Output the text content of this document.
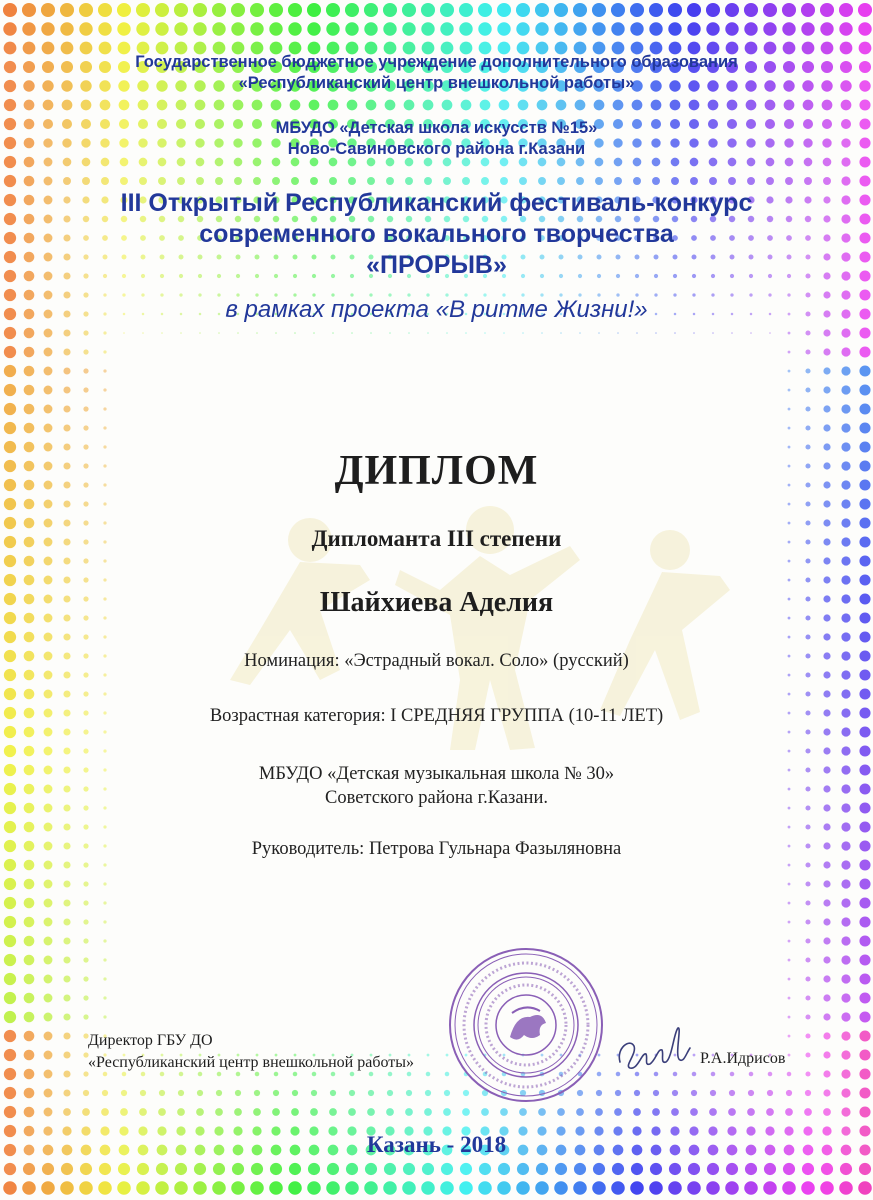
Государственное бюджетное учреждение дополнительного образования
«Республиканский центр внешкольной работы»
МБУДО «Детская школа искусств №15»
Ново-Савиновского района г.Казани
III Открытый Республиканский фестиваль-конкурс
современного вокального творчества
«ПРОРЫВ»
в рамках проекта «В ритме Жизни!»
ДИПЛОМ
Дипломанта III степени
Шайхиева Аделия
Номинация: «Эстрадный вокал. Соло» (русский)
Возрастная категория: I СРЕДНЯЯ ГРУППА (10-11 ЛЕТ)
МБУДО «Детская музыкальная школа № 30»
Советского района г.Казани.
Руководитель: Петрова Гульнара Фазыляновна
Директор ГБУ ДО
«Республиканский центр внешкольной работы»	Р.А.Идрисов
Казань - 2018
